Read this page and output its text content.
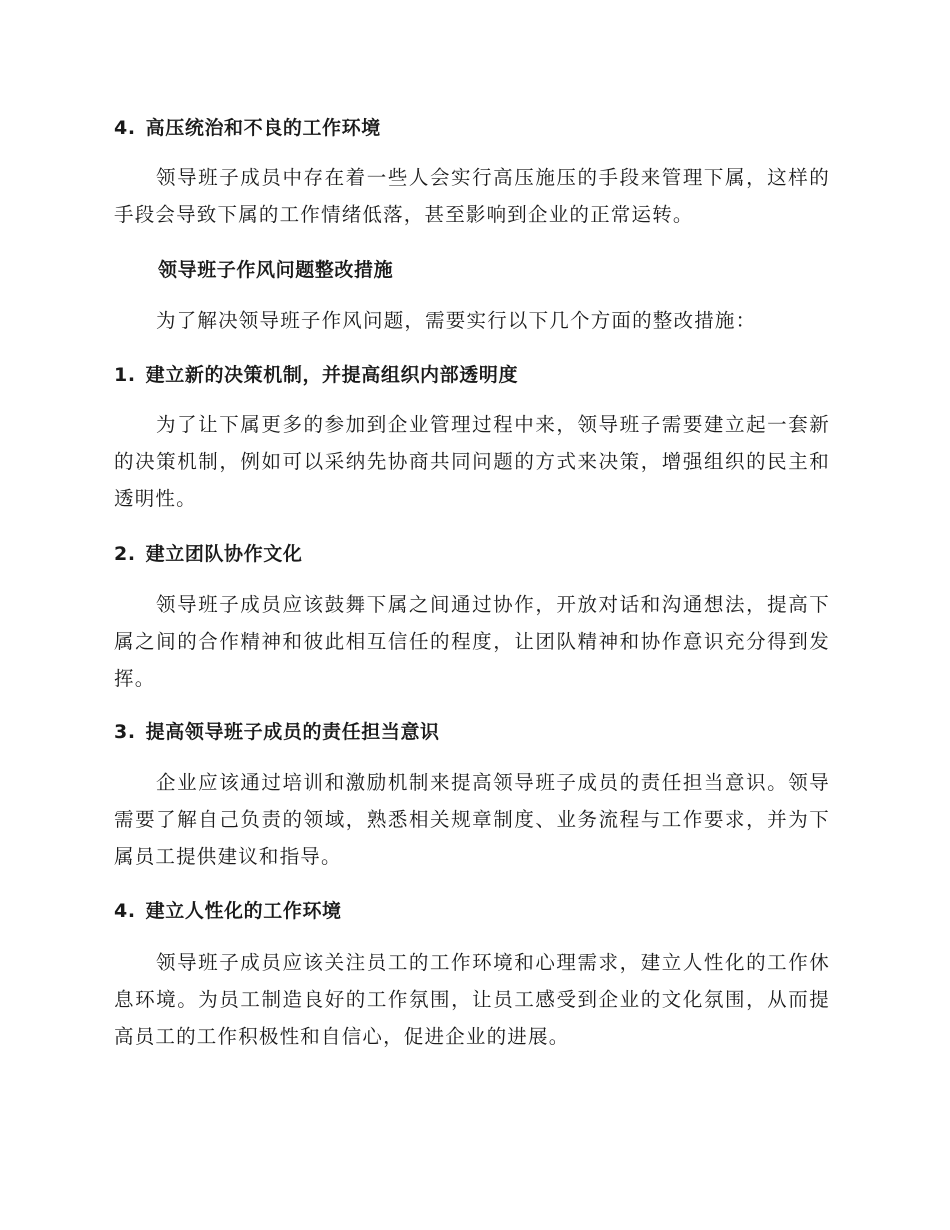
4. 高压统治和不良的工作环境

领导班子成员中存在着一些人会实行高压施压的手段来管理下属，这样的手段会导致下属的工作情绪低落，甚至影响到企业的正常运转。

领导班子作风问题整改措施

为了解决领导班子作风问题，需要实行以下几个方面的整改措施：

1. 建立新的决策机制，并提高组织内部透明度

为了让下属更多的参加到企业管理过程中来，领导班子需要建立起一套新的决策机制，例如可以采纳先协商共同问题的方式来决策，增强组织的民主和透明性。

2. 建立团队协作文化

领导班子成员应该鼓舞下属之间通过协作，开放对话和沟通想法，提高下属之间的合作精神和彼此相互信任的程度，让团队精神和协作意识充分得到发挥。

3. 提高领导班子成员的责任担当意识

企业应该通过培训和激励机制来提高领导班子成员的责任担当意识。领导需要了解自己负责的领域，熟悉相关规章制度、业务流程与工作要求，并为下属员工提供建议和指导。

4. 建立人性化的工作环境

领导班子成员应该关注员工的工作环境和心理需求，建立人性化的工作休息环境。为员工制造良好的工作氛围，让员工感受到企业的文化氛围，从而提高员工的工作积极性和自信心，促进企业的进展。
